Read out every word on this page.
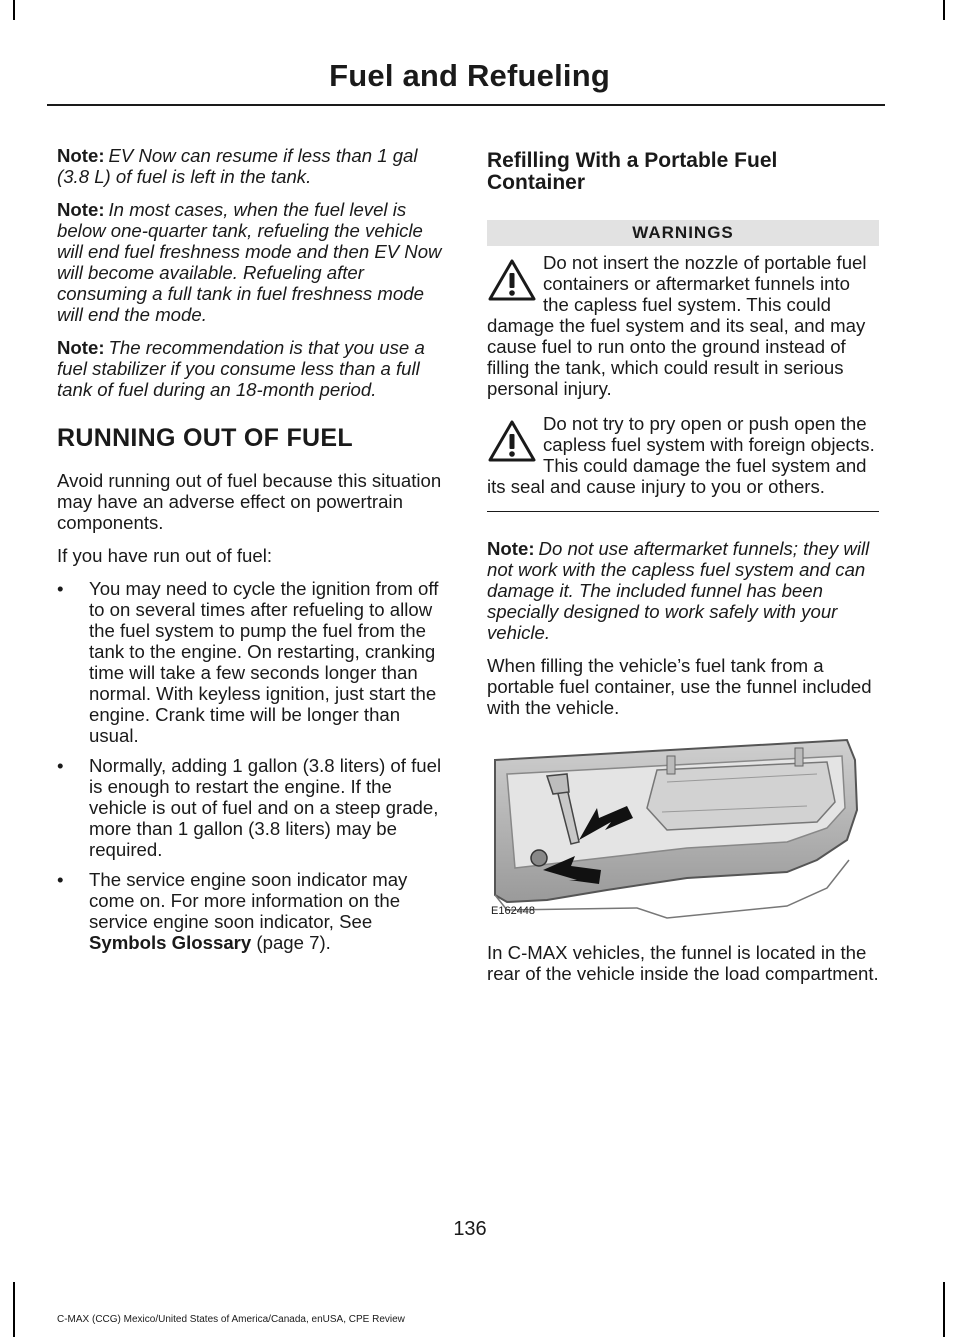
Fuel and Refueling

Note: EV Now can resume if less than 1 gal (3.8 L) of fuel is left in the tank.

Note: In most cases, when the fuel level is below one-quarter tank, refueling the vehicle will end fuel freshness mode and then EV Now will become available. Refueling after consuming a full tank in fuel freshness mode will end the mode.

Note: The recommendation is that you use a fuel stabilizer if you consume less than a full tank of fuel during an 18-month period.

RUNNING OUT OF FUEL

Avoid running out of fuel because this situation may have an adverse effect on powertrain components.

If you have run out of fuel:

• You may need to cycle the ignition from off to on several times after refueling to allow the fuel system to pump the fuel from the tank to the engine. On restarting, cranking time will take a few seconds longer than normal. With keyless ignition, just start the engine. Crank time will be longer than usual.
• Normally, adding 1 gallon (3.8 liters) of fuel is enough to restart the engine. If the vehicle is out of fuel and on a steep grade, more than 1 gallon (3.8 liters) may be required.
• The service engine soon indicator may come on. For more information on the service engine soon indicator, See Symbols Glossary (page 7).
Refilling With a Portable Fuel Container
WARNINGS
Do not insert the nozzle of portable fuel containers or aftermarket funnels into the capless fuel system. This could damage the fuel system and its seal, and may cause fuel to run onto the ground instead of filling the tank, which could result in serious personal injury.
Do not try to pry open or push open the capless fuel system with foreign objects. This could damage the fuel system and its seal and cause injury to you or others.

Note: Do not use aftermarket funnels; they will not work with the capless fuel system and can damage it. The included funnel has been specially designed to work safely with your vehicle.

When filling the vehicle’s fuel tank from a portable fuel container, use the funnel included with the vehicle.

E162448

In C-MAX vehicles, the funnel is located in the rear of the vehicle inside the load compartment.

136
C-MAX (CCG) Mexico/United States of America/Canada, enUSA, CPE Review
